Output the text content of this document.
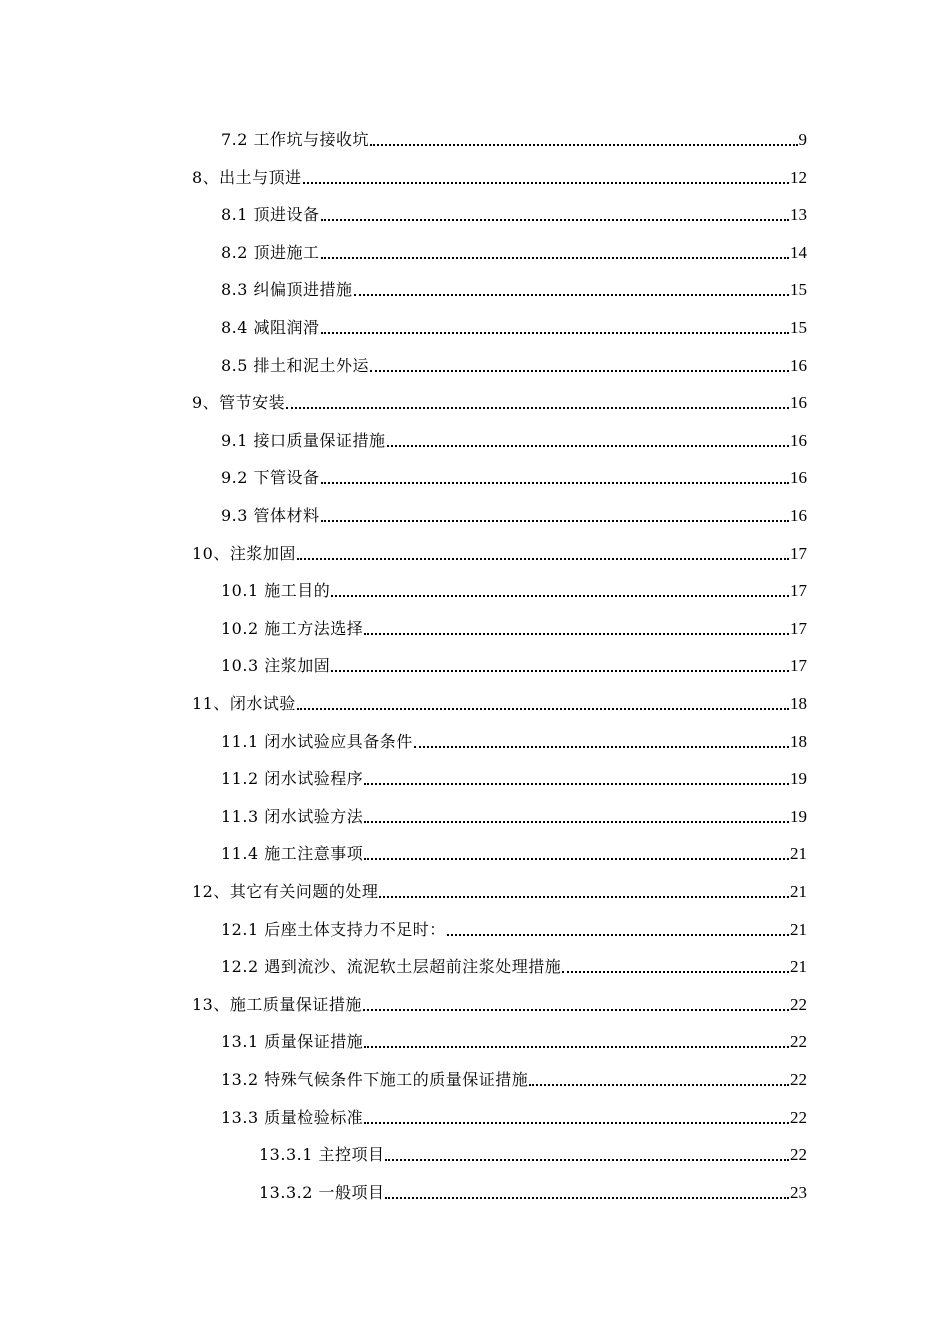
7.2 工作坑与接收坑	9
8、出土与顶进	12
8.1 顶进设备	13
8.2 顶进施工	14
8.3 纠偏顶进措施	15
8.4 减阻润滑	15
8.5 排土和泥土外运	16
9、管节安装	16
9.1 接口质量保证措施	16
9.2 下管设备	16
9.3 管体材料	16
10、注浆加固	17
10.1 施工目的	17
10.2 施工方法选择	17
10.3 注浆加固	17
11、闭水试验	18
11.1 闭水试验应具备条件	18
11.2 闭水试验程序	19
11.3 闭水试验方法	19
11.4 施工注意事项	21
12、其它有关问题的处理	21
12.1 后座土体支持力不足时：	21
12.2 遇到流沙、流泥软土层超前注浆处理措施	21
13、施工质量保证措施	22
13.1 质量保证措施	22
13.2 特殊气候条件下施工的质量保证措施	22
13.3 质量检验标准	22
13.3.1 主控项目	22
13.3.2 一般项目	23
